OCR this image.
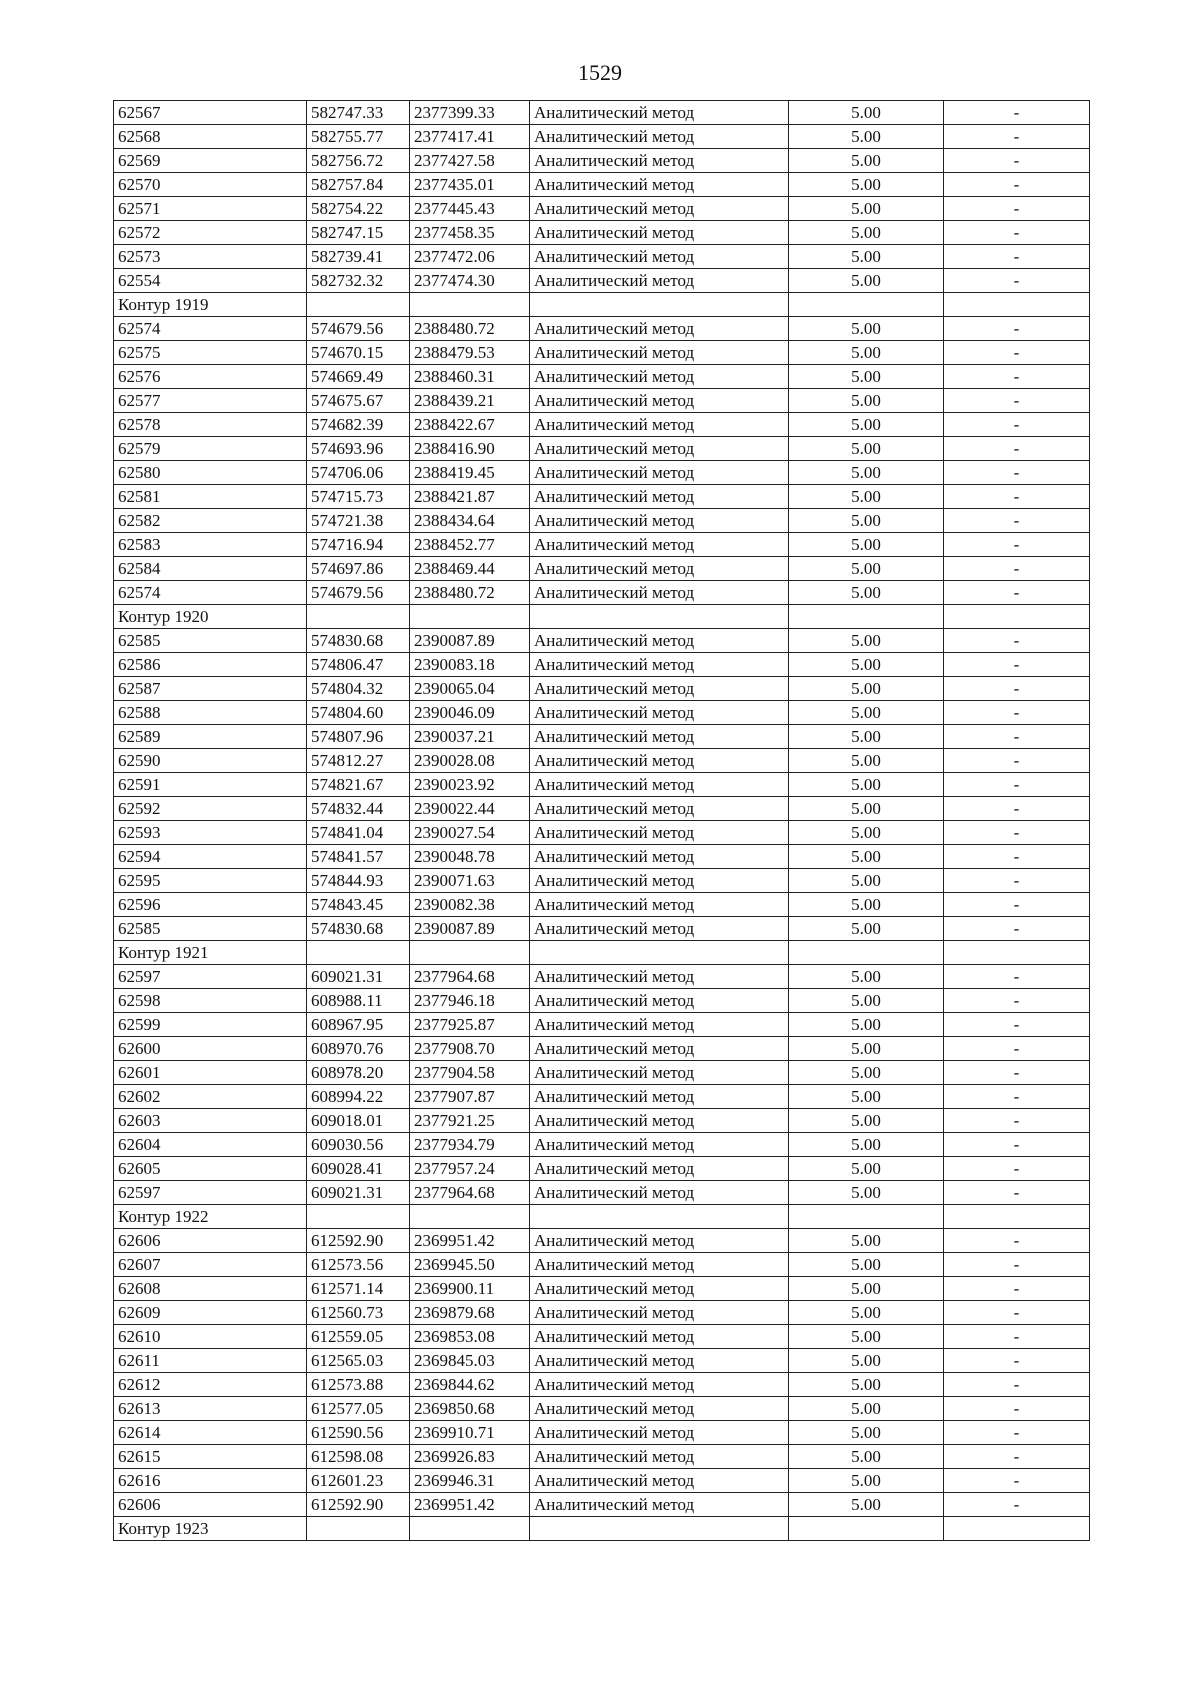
1529
62567	582747.33	2377399.33	Аналитический метод	5.00	-
62568	582755.77	2377417.41	Аналитический метод	5.00	-
62569	582756.72	2377427.58	Аналитический метод	5.00	-
62570	582757.84	2377435.01	Аналитический метод	5.00	-
62571	582754.22	2377445.43	Аналитический метод	5.00	-
62572	582747.15	2377458.35	Аналитический метод	5.00	-
62573	582739.41	2377472.06	Аналитический метод	5.00	-
62554	582732.32	2377474.30	Аналитический метод	5.00	-
Контур 1919					
62574	574679.56	2388480.72	Аналитический метод	5.00	-
62575	574670.15	2388479.53	Аналитический метод	5.00	-
62576	574669.49	2388460.31	Аналитический метод	5.00	-
62577	574675.67	2388439.21	Аналитический метод	5.00	-
62578	574682.39	2388422.67	Аналитический метод	5.00	-
62579	574693.96	2388416.90	Аналитический метод	5.00	-
62580	574706.06	2388419.45	Аналитический метод	5.00	-
62581	574715.73	2388421.87	Аналитический метод	5.00	-
62582	574721.38	2388434.64	Аналитический метод	5.00	-
62583	574716.94	2388452.77	Аналитический метод	5.00	-
62584	574697.86	2388469.44	Аналитический метод	5.00	-
62574	574679.56	2388480.72	Аналитический метод	5.00	-
Контур 1920					
62585	574830.68	2390087.89	Аналитический метод	5.00	-
62586	574806.47	2390083.18	Аналитический метод	5.00	-
62587	574804.32	2390065.04	Аналитический метод	5.00	-
62588	574804.60	2390046.09	Аналитический метод	5.00	-
62589	574807.96	2390037.21	Аналитический метод	5.00	-
62590	574812.27	2390028.08	Аналитический метод	5.00	-
62591	574821.67	2390023.92	Аналитический метод	5.00	-
62592	574832.44	2390022.44	Аналитический метод	5.00	-
62593	574841.04	2390027.54	Аналитический метод	5.00	-
62594	574841.57	2390048.78	Аналитический метод	5.00	-
62595	574844.93	2390071.63	Аналитический метод	5.00	-
62596	574843.45	2390082.38	Аналитический метод	5.00	-
62585	574830.68	2390087.89	Аналитический метод	5.00	-
Контур 1921					
62597	609021.31	2377964.68	Аналитический метод	5.00	-
62598	608988.11	2377946.18	Аналитический метод	5.00	-
62599	608967.95	2377925.87	Аналитический метод	5.00	-
62600	608970.76	2377908.70	Аналитический метод	5.00	-
62601	608978.20	2377904.58	Аналитический метод	5.00	-
62602	608994.22	2377907.87	Аналитический метод	5.00	-
62603	609018.01	2377921.25	Аналитический метод	5.00	-
62604	609030.56	2377934.79	Аналитический метод	5.00	-
62605	609028.41	2377957.24	Аналитический метод	5.00	-
62597	609021.31	2377964.68	Аналитический метод	5.00	-
Контур 1922					
62606	612592.90	2369951.42	Аналитический метод	5.00	-
62607	612573.56	2369945.50	Аналитический метод	5.00	-
62608	612571.14	2369900.11	Аналитический метод	5.00	-
62609	612560.73	2369879.68	Аналитический метод	5.00	-
62610	612559.05	2369853.08	Аналитический метод	5.00	-
62611	612565.03	2369845.03	Аналитический метод	5.00	-
62612	612573.88	2369844.62	Аналитический метод	5.00	-
62613	612577.05	2369850.68	Аналитический метод	5.00	-
62614	612590.56	2369910.71	Аналитический метод	5.00	-
62615	612598.08	2369926.83	Аналитический метод	5.00	-
62616	612601.23	2369946.31	Аналитический метод	5.00	-
62606	612592.90	2369951.42	Аналитический метод	5.00	-
Контур 1923					
